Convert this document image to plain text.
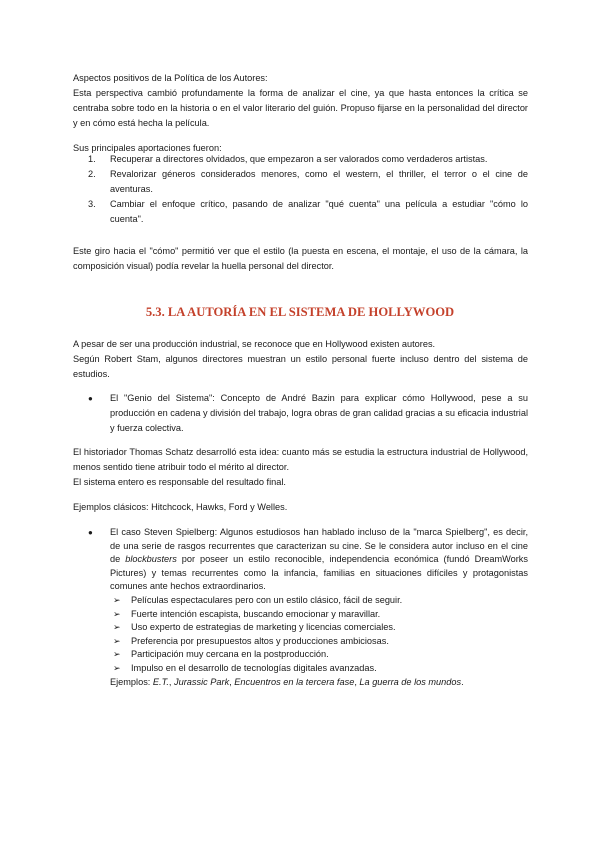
Aspectos positivos de la Política de los Autores:
Esta perspectiva cambió profundamente la forma de analizar el cine, ya que hasta entonces la crítica se centraba sobre todo en la historia o en el valor literario del guión. Propuso fijarse en la personalidad del director y en cómo está hecha la película.
Sus principales aportaciones fueron:
1. Recuperar a directores olvidados, que empezaron a ser valorados como verdaderos artistas.
2. Revalorizar géneros considerados menores, como el western, el thriller, el terror o el cine de aventuras.
3. Cambiar el enfoque crítico, pasando de analizar "qué cuenta" una película a estudiar "cómo lo cuenta".
Este giro hacia el "cómo" permitió ver que el estilo (la puesta en escena, el montaje, el uso de la cámara, la composición visual) podía revelar la huella personal del director.
5.3. LA AUTORÍA EN EL SISTEMA DE HOLLYWOOD
A pesar de ser una producción industrial, se reconoce que en Hollywood existen autores.
Según Robert Stam, algunos directores muestran un estilo personal fuerte incluso dentro del sistema de estudios.
● El "Genio del Sistema": Concepto de André Bazin para explicar cómo Hollywood, pese a su producción en cadena y división del trabajo, logra obras de gran calidad gracias a su eficacia industrial y fuerza colectiva.
El historiador Thomas Schatz desarrolló esta idea: cuanto más se estudia la estructura industrial de Hollywood, menos sentido tiene atribuir todo el mérito al director.
El sistema entero es responsable del resultado final.
Ejemplos clásicos: Hitchcock, Hawks, Ford y Welles.
● El caso Steven Spielberg: Algunos estudiosos han hablado incluso de la "marca Spielberg", es decir, de una serie de rasgos recurrentes que caracterizan su cine. Se le considera autor incluso en el cine de blockbusters por poseer un estilo reconocible, independencia económica (fundó DreamWorks Pictures) y temas recurrentes como la infancia, familias en situaciones difíciles y protagonistas comunes ante hechos extraordinarios.
➢ Películas espectaculares pero con un estilo clásico, fácil de seguir.
➢ Fuerte intención escapista, buscando emocionar y maravillar.
➢ Uso experto de estrategias de marketing y licencias comerciales.
➢ Preferencia por presupuestos altos y producciones ambiciosas.
➢ Participación muy cercana en la postproducción.
➢ Impulso en el desarrollo de tecnologías digitales avanzadas.
Ejemplos: E.T., Jurassic Park, Encuentros en la tercera fase, La guerra de los mundos.
